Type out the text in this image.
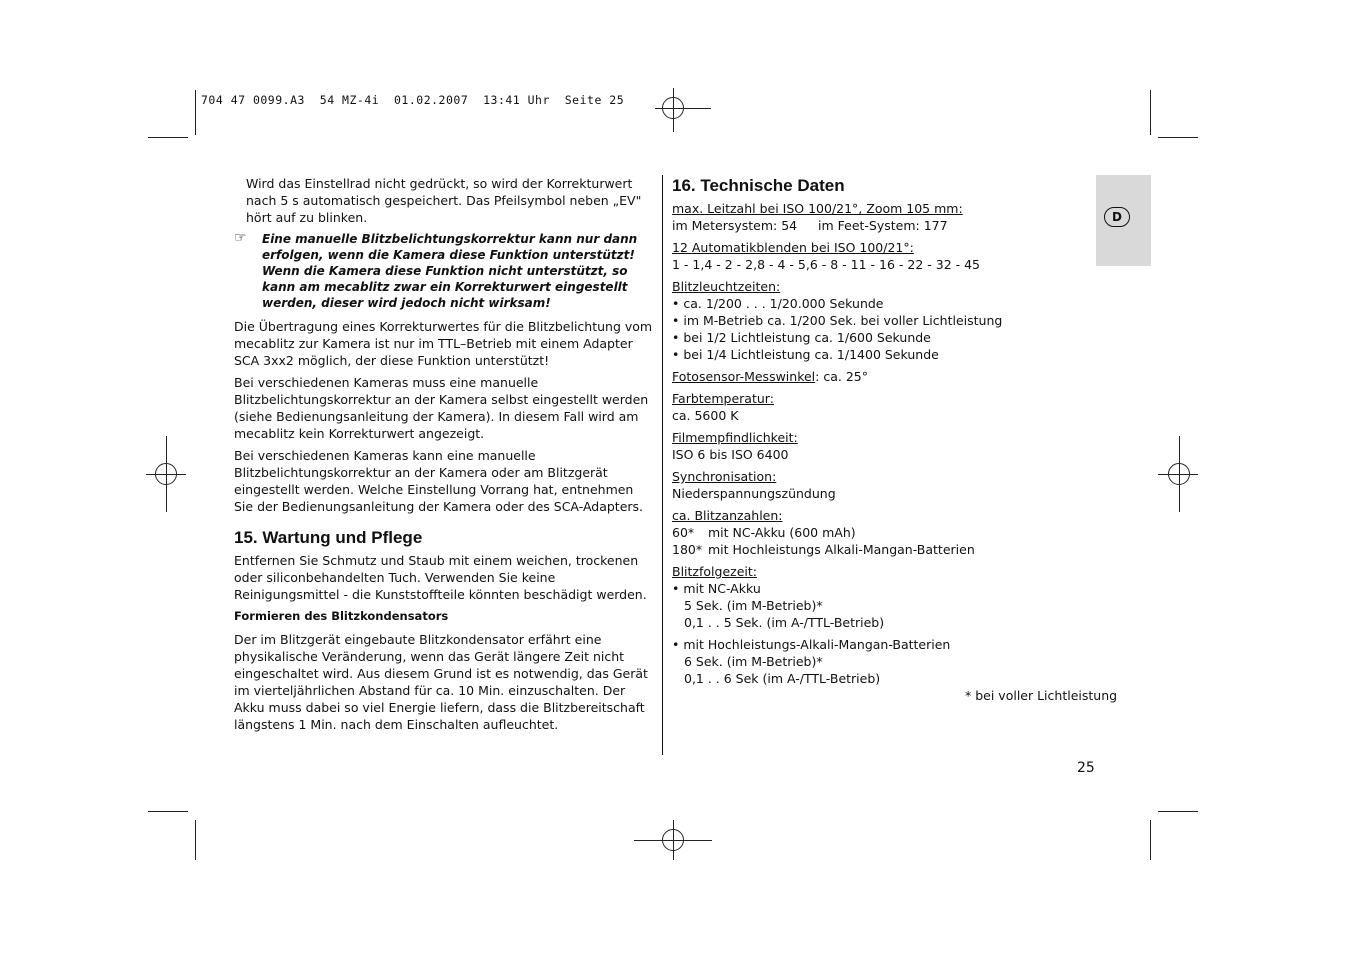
704 47 0099.A3  54 MZ-4i  01.02.2007  13:41 Uhr  Seite 25
D

Wird das Einstellrad nicht gedrückt, so wird der Korrekturwert nach 5 s automatisch gespeichert. Das Pfeilsymbol neben „EV" hört auf zu blinken.

☞ Eine manuelle Blitzbelichtungskorrektur kann nur dann erfolgen, wenn die Kamera diese Funktion unterstützt! Wenn die Kamera diese Funktion nicht unterstützt, so kann am mecablitz zwar ein Korrekturwert eingestellt werden, dieser wird jedoch nicht wirksam!

Die Übertragung eines Korrekturwertes für die Blitzbelichtung vom mecablitz zur Kamera ist nur im TTL–Betrieb mit einem Adapter SCA 3xx2 möglich, der diese Funktion unterstützt!

Bei verschiedenen Kameras muss eine manuelle Blitzbelichtungskorrektur an der Kamera selbst eingestellt werden (siehe Bedienungsanleitung der Kamera). In diesem Fall wird am mecablitz kein Korrekturwert angezeigt.

Bei verschiedenen Kameras kann eine manuelle Blitzbelichtungskorrektur an der Kamera oder am Blitzgerät eingestellt werden. Welche Einstellung Vorrang hat, entnehmen Sie der Bedienungsanleitung der Kamera oder des SCA-Adapters.

15. Wartung und Pflege

Entfernen Sie Schmutz und Staub mit einem weichen, trockenen oder siliconbehandelten Tuch. Verwenden Sie keine Reinigungsmittel - die Kunststoffteile könnten beschädigt werden.

Formieren des Blitzkondensators

Der im Blitzgerät eingebaute Blitzkondensator erfährt eine physikalische Veränderung, wenn das Gerät längere Zeit nicht eingeschaltet wird. Aus diesem Grund ist es notwendig, das Gerät im vierteljährlichen Abstand für ca. 10 Min. einzuschalten. Der Akku muss dabei so viel Energie liefern, dass die Blitzbereitschaft längstens 1 Min. nach dem Einschalten aufleuchtet.

16. Technische Daten
max. Leitzahl bei ISO 100/21°, Zoom 105 mm:
im Metersystem: 54 im Feet-System: 177
12 Automatikblenden bei ISO 100/21°:
1 - 1,4 - 2 - 2,8 - 4 - 5,6 - 8 - 11 - 16 - 22 - 32 - 45
Blitzleuchtzeiten:
• ca. 1/200 . . . 1/20.000 Sekunde
• im M-Betrieb ca. 1/200 Sek. bei voller Lichtleistung
• bei 1/2 Lichtleistung ca. 1/600 Sekunde
• bei 1/4 Lichtleistung ca. 1/1400 Sekunde
Fotosensor-Messwinkel: ca. 25°
Farbtemperatur:
ca. 5600 K
Filmempfindlichkeit:
ISO 6 bis ISO 6400
Synchronisation:
Niederspannungszündung
ca. Blitzanzahlen:
60* mit NC-Akku (600 mAh)
180* mit Hochleistungs Alkali-Mangan-Batterien
Blitzfolgezeit:
• mit NC-Akku
5 Sek. (im M-Betrieb)*
0,1 . . 5 Sek. (im A-/TTL-Betrieb)
• mit Hochleistungs-Alkali-Mangan-Batterien
6 Sek. (im M-Betrieb)*
0,1 . . 6 Sek (im A-/TTL-Betrieb)
* bei voller Lichtleistung
25
